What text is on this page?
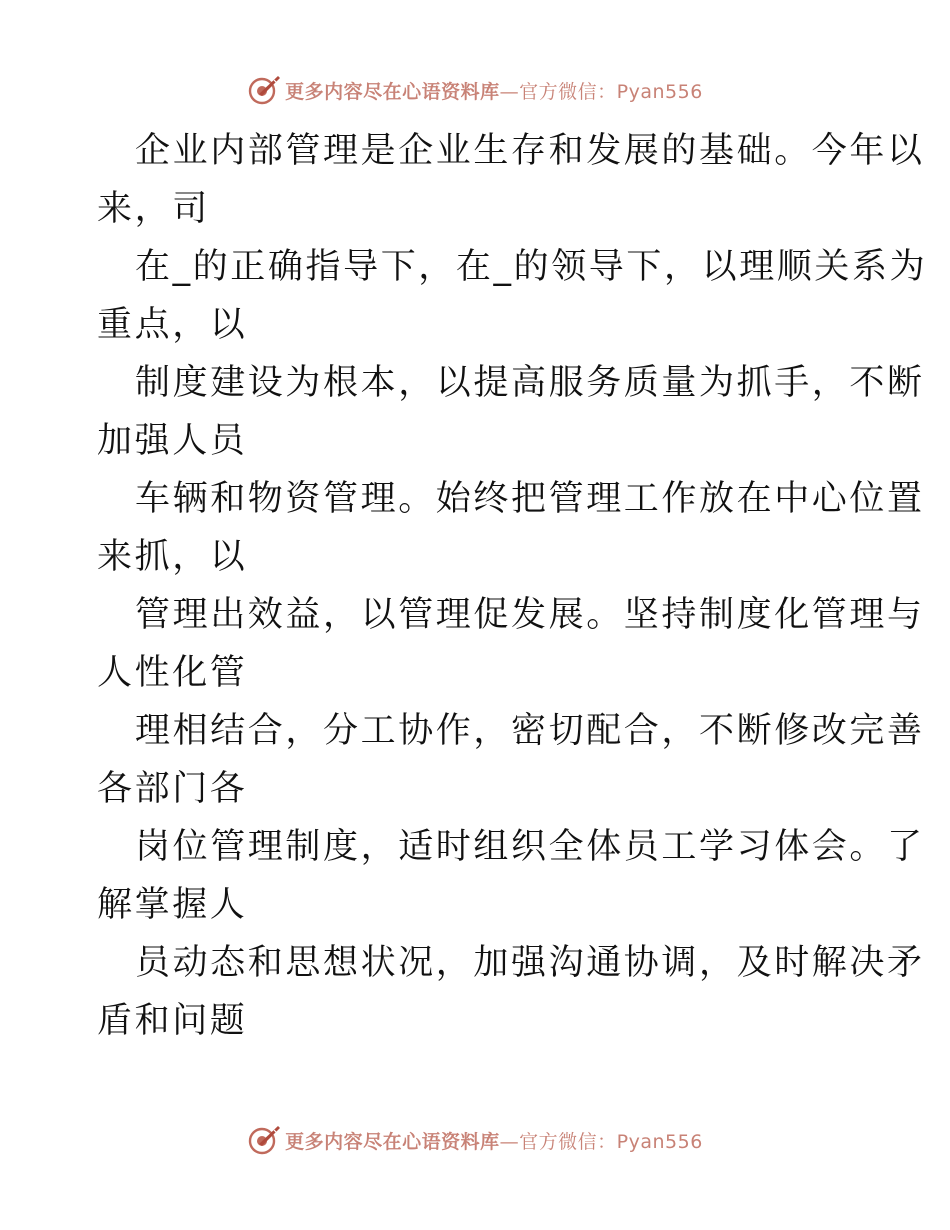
更多内容尽在心语资料库—官方微信：Pyan556
企业内部管理是企业生存和发展的基础。今年以
来，司
在_的正确指导下，在_的领导下，以理顺关系为
重点，以
制度建设为根本，以提高服务质量为抓手，不断
加强人员
车辆和物资管理。始终把管理工作放在中心位置
来抓，以
管理出效益，以管理促发展。坚持制度化管理与
人性化管
理相结合，分工协作，密切配合，不断修改完善
各部门各
岗位管理制度，适时组织全体员工学习体会。了
解掌握人
员动态和思想状况，加强沟通协调，及时解决矛
盾和问题
更多内容尽在心语资料库—官方微信：Pyan556
